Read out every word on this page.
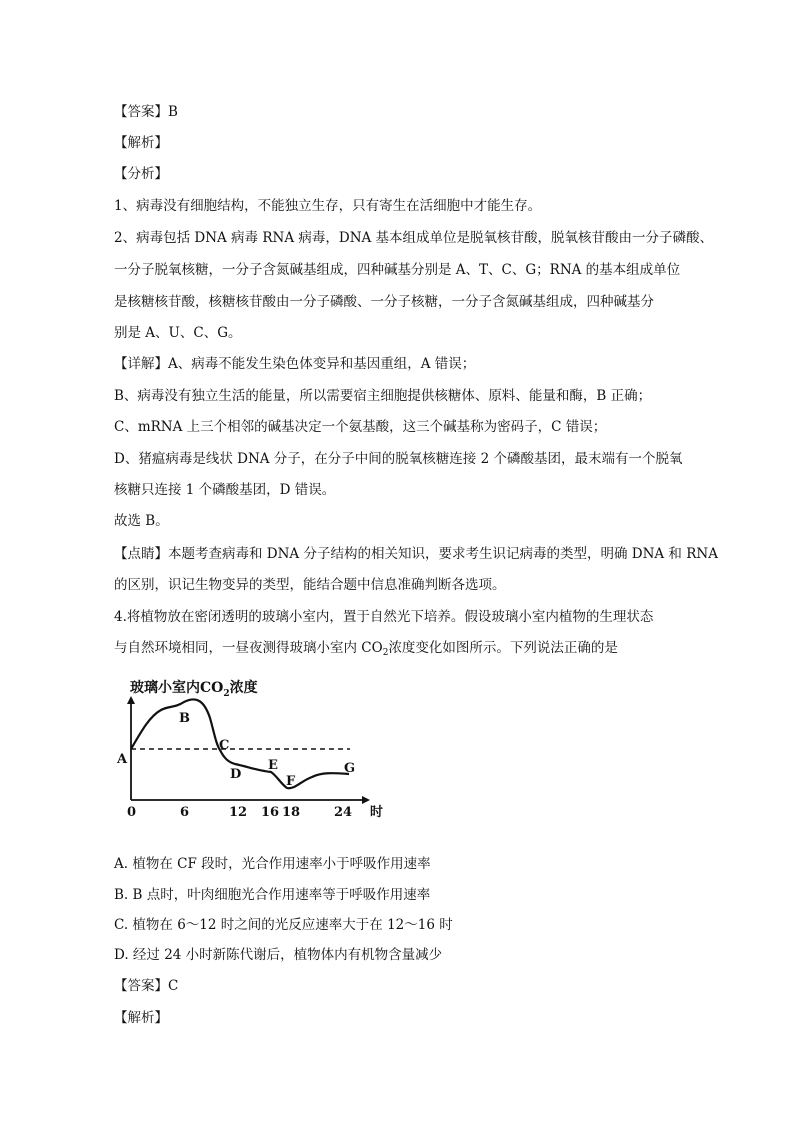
【答案】B
【解析】
【分析】
1、病毒没有细胞结构，不能独立生存，只有寄生在活细胞中才能生存。
2、病毒包括 DNA 病毒 RNA 病毒，DNA 基本组成单位是脱氧核苷酸，脱氧核苷酸由一分子磷酸、
一分子脱氧核糖，一分子含氮碱基组成，四种碱基分别是 A、T、C、G；RNA 的基本组成单位
是核糖核苷酸，核糖核苷酸由一分子磷酸、一分子核糖，一分子含氮碱基组成，四种碱基分
别是 A、U、C、G。
【详解】A、病毒不能发生染色体变异和基因重组，A 错误；
B、病毒没有独立生活的能量，所以需要宿主细胞提供核糖体、原料、能量和酶，B 正确；
C、mRNA 上三个相邻的碱基决定一个氨基酸，这三个碱基称为密码子，C 错误；
D、猪瘟病毒是线状 DNA 分子，在分子中间的脱氧核糖连接 2 个磷酸基团，最末端有一个脱氧
核糖只连接 1 个磷酸基团，D 错误。
故选 B。
【点睛】本题考查病毒和 DNA 分子结构的相关知识，要求考生识记病毒的类型，明确 DNA 和 RNA
的区别，识记生物变异的类型，能结合题中信息准确判断各选项。
4.将植物放在密闭透明的玻璃小室内，置于自然光下培养。假设玻璃小室内植物的生理状态
与自然环境相同，一昼夜测得玻璃小室内 $CO_2$浓度变化如图所示。下列说法正确的是
玻璃小室内$CO_2$浓度
A
B
C
D
E
F
G
0	6	12 16 18	24 时
A. 植物在 CF 段时，光合作用速率小于呼吸作用速率
B. B 点时，叶肉细胞光合作用速率等于呼吸作用速率
C. 植物在 6～12 时之间的光反应速率大于在 12～16 时
D. 经过 24 小时新陈代谢后，植物体内有机物含量减少
【答案】C
【解析】
